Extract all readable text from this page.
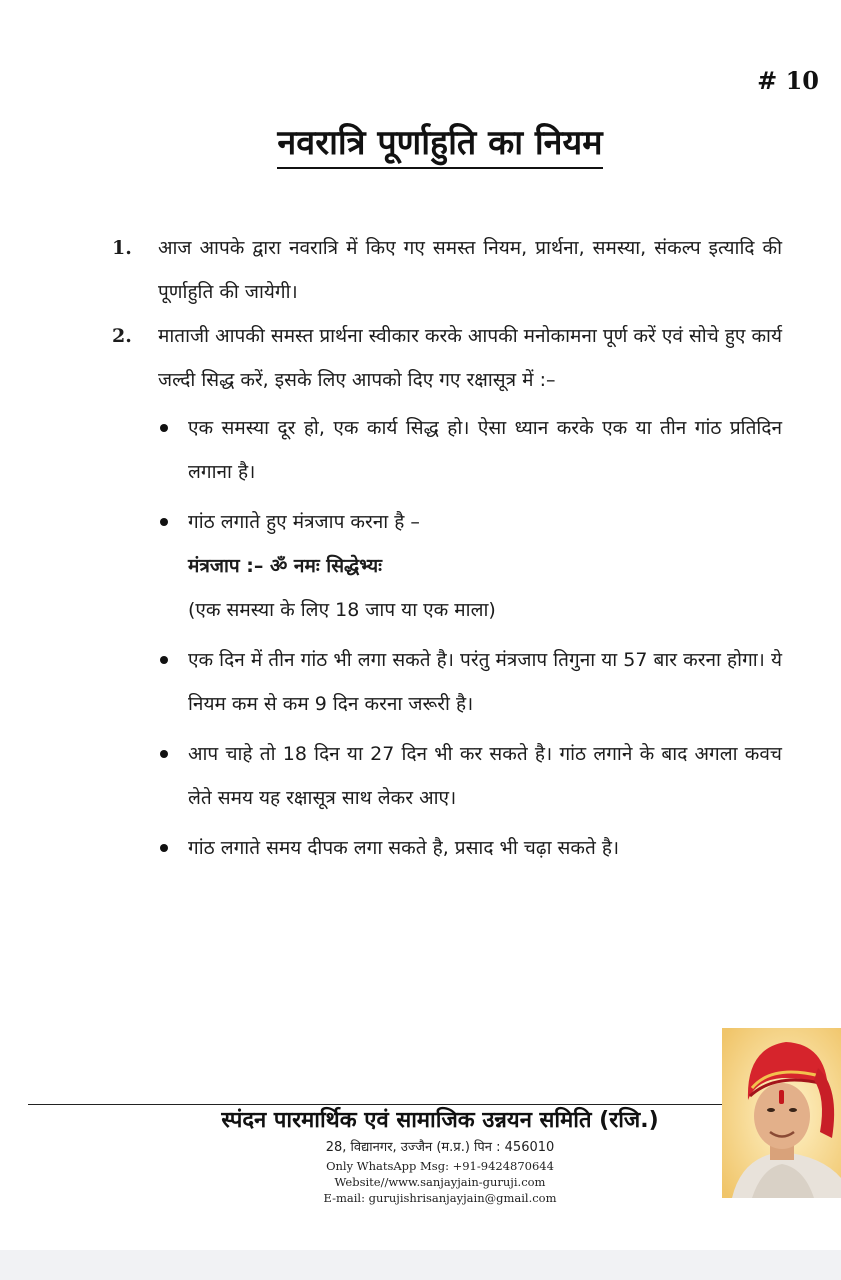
# 10
नवरात्रि पूर्णाहुति का नियम
1. आज आपके द्वारा नवरात्रि में किए गए समस्त नियम, प्रार्थना, समस्या, संकल्प इत्यादि की पूर्णाहुति की जायेगी।
2. माताजी आपकी समस्त प्रार्थना स्वीकार करके आपकी मनोकामना पूर्ण करें एवं सोचे हुए कार्य जल्दी सिद्ध करें, इसके लिए आपको दिए गए रक्षासूत्र में :–
एक समस्या दूर हो, एक कार्य सिद्ध हो। ऐसा ध्यान करके एक या तीन गांठ प्रतिदिन लगाना है।
गांठ लगाते हुए मंत्रजाप करना है –
मंत्रजाप :– ॐ नमः सिद्धेभ्यः
(एक समस्या के लिए 18 जाप या एक माला)
एक दिन में तीन गांठ भी लगा सकते है। परंतु मंत्रजाप तिगुना या 57 बार करना होगा। ये नियम कम से कम 9 दिन करना जरूरी है।
आप चाहे तो 18 दिन या 27 दिन भी कर सकते है। गांठ लगाने के बाद अगला कवच लेते समय यह रक्षासूत्र साथ लेकर आए।
गांठ लगाते समय दीपक लगा सकते है, प्रसाद भी चढ़ा सकते है।
स्पंदन पारमार्थिक एवं सामाजिक उन्नयन समिति (रजि.)
28, विद्यानगर, उज्जैन (म.प्र.) पिन : 456010
Only WhatsApp Msg: +91-9424870644
Website//www.sanjayjain-guruji.com
E-mail: gurujishrisanjayjain@gmail.com
